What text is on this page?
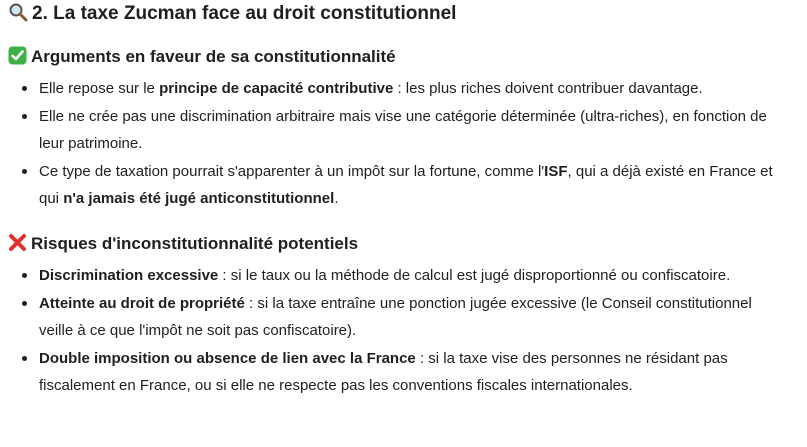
2. La taxe Zucman face au droit constitutionnel
Arguments en faveur de sa constitutionnalité
Elle repose sur le principe de capacité contributive : les plus riches doivent contribuer davantage.
Elle ne crée pas une discrimination arbitraire mais vise une catégorie déterminée (ultra-riches), en fonction de leur patrimoine.
Ce type de taxation pourrait s'apparenter à un impôt sur la fortune, comme l'ISF, qui a déjà existé en France et qui n'a jamais été jugé anticonstitutionnel.
Risques d'inconstitutionnalité potentiels
Discrimination excessive : si le taux ou la méthode de calcul est jugé disproportionné ou confiscatoire.
Atteinte au droit de propriété : si la taxe entraîne une ponction jugée excessive (le Conseil constitutionnel veille à ce que l'impôt ne soit pas confiscatoire).
Double imposition ou absence de lien avec la France : si la taxe vise des personnes ne résidant pas fiscalement en France, ou si elle ne respecte pas les conventions fiscales internationales.
